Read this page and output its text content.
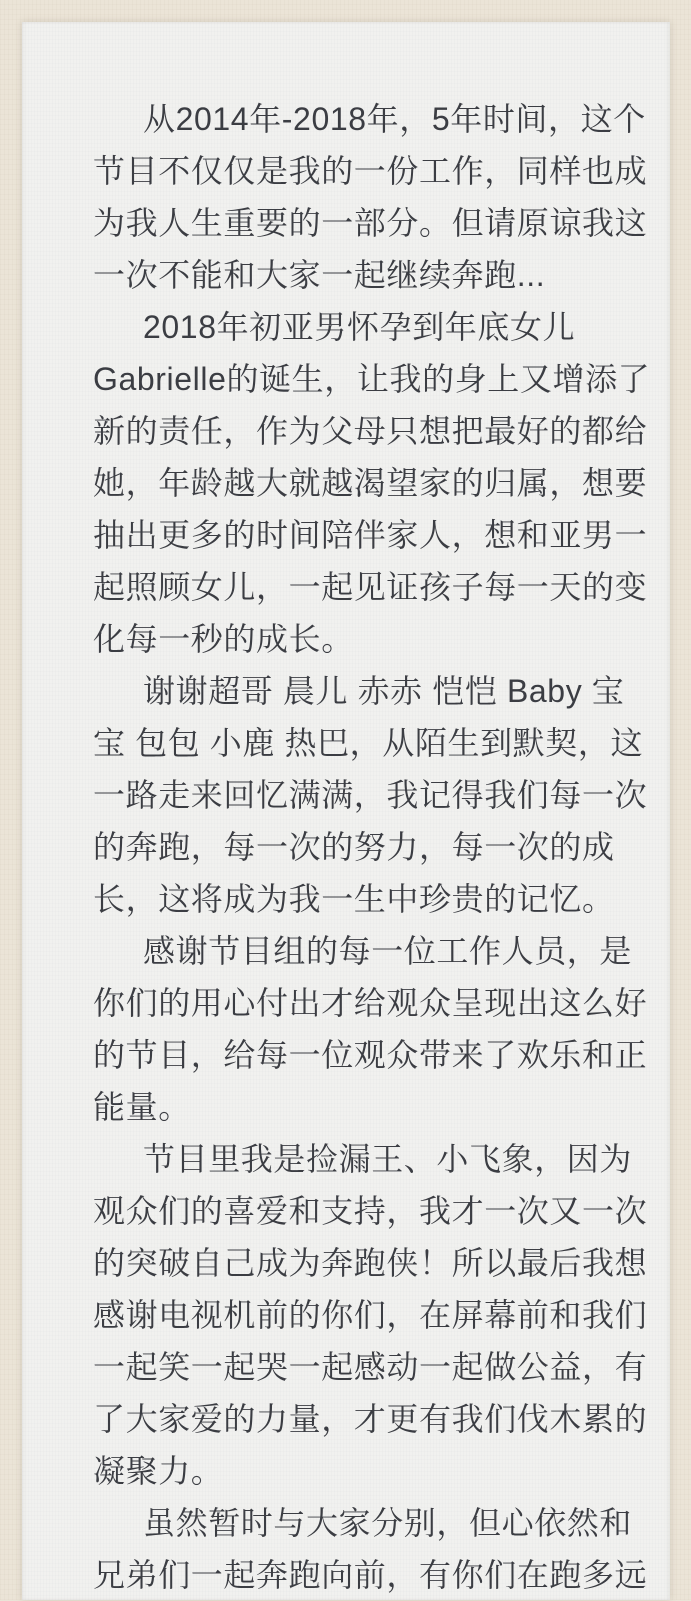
从2014年-2018年，5年时间，这个
节目不仅仅是我的一份工作，同样也成
为我人生重要的一部分。但请原谅我这
一次不能和大家一起继续奔跑...

2018年初亚男怀孕到年底女儿
Gabrielle的诞生，让我的身上又增添了
新的责任，作为父母只想把最好的都给
她，年龄越大就越渴望家的归属，想要
抽出更多的时间陪伴家人，想和亚男一
起照顾女儿，一起见证孩子每一天的变
化每一秒的成长。

谢谢超哥 晨儿 赤赤 恺恺 Baby 宝
宝 包包 小鹿 热巴，从陌生到默契，这
一路走来回忆满满，我记得我们每一次
的奔跑，每一次的努力，每一次的成
长，这将成为我一生中珍贵的记忆。

感谢节目组的每一位工作人员，是
你们的用心付出才给观众呈现出这么好
的节目，给每一位观众带来了欢乐和正
能量。

节目里我是捡漏王、小飞象，因为
观众们的喜爱和支持，我才一次又一次
的突破自己成为奔跑侠！所以最后我想
感谢电视机前的你们，在屏幕前和我们
一起笑一起哭一起感动一起做公益，有
了大家爱的力量，才更有我们伐木累的
凝聚力。

虽然暂时与大家分别，但心依然和
兄弟们一起奔跑向前，有你们在跑多远
